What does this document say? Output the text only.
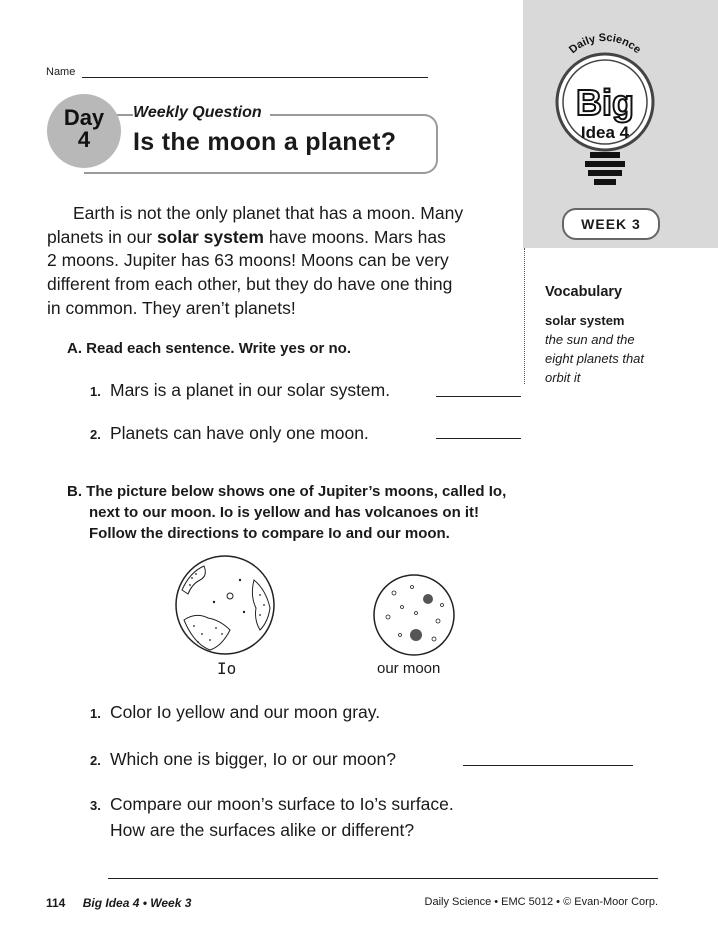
Daily Science
Big
Idea 4
WEEK 3
Vocabulary
solar system
the sun and the
eight planets that
orbit it
Name
Day
4
Weekly Question
Is the moon a planet?
Earth is not the only planet that has a moon. Many
planets in our solar system have moons. Mars has
2 moons. Jupiter has 63 moons! Moons can be very
different from each other, but they do have one thing
in common. They aren’t planets!
A. Read each sentence. Write yes or no.
1. Mars is a planet in our solar system.
2. Planets can have only one moon.
B. The picture below shows one of Jupiter’s moons, called Io,
next to our moon. Io is yellow and has volcanoes on it!
Follow the directions to compare Io and our moon.
Io	our moon
1. Color Io yellow and our moon gray.
2. Which one is bigger, Io or our moon?
3. Compare our moon’s surface to Io’s surface.
How are the surfaces alike or different?
114 Big Idea 4 • Week 3	Daily Science • EMC 5012 • © Evan-Moor Corp.
